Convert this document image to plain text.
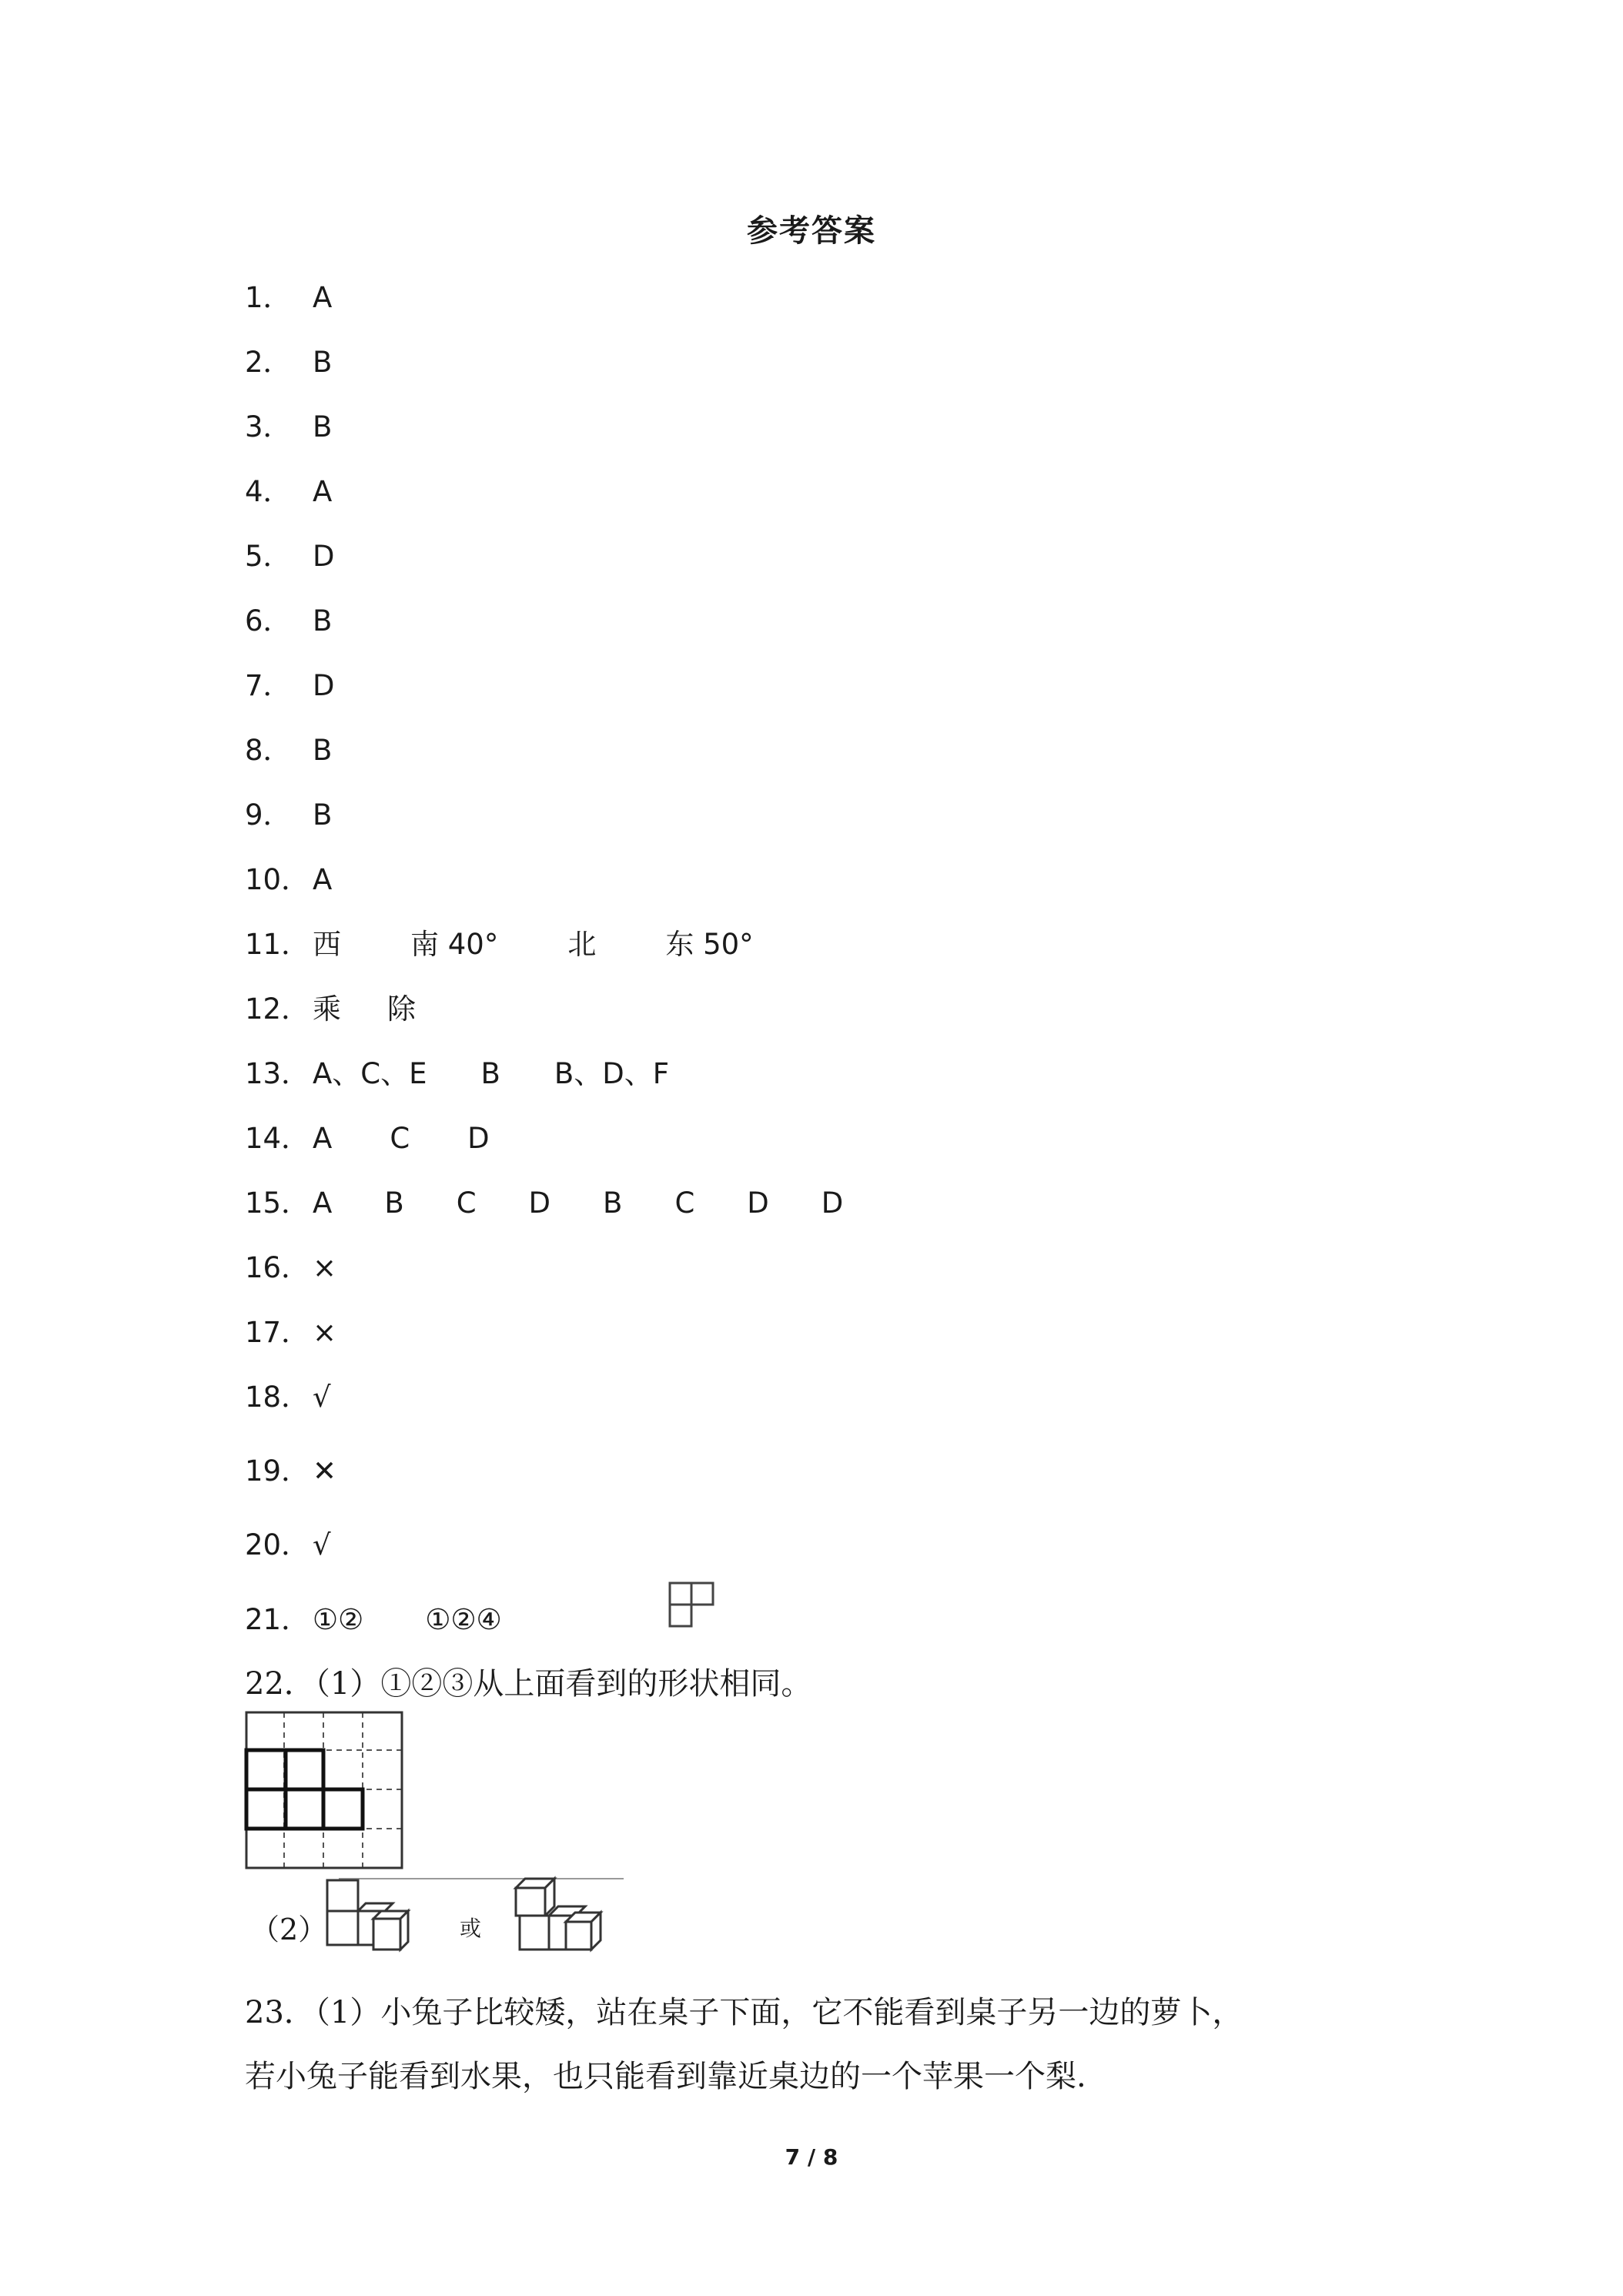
参考答案
1． A
2． B
3． B
4． A
5． D
6． B
7． D
8． B
9． B
10． A
11． 西 南 40° 北 东 50°
12． 乘 除
13． A、C、E B B、D、F
14． A C D
15． A B C D B C D D
16． ×
17． ×
18． √
19． ✕
20． √
21． ①② ①②④
22．（1）①②③从上面看到的形状相同。
（2）	或
23．（1）小兔子比较矮，站在桌子下面，它不能看到桌子另一边的萝卜，
若小兔子能看到水果，也只能看到靠近桌边的一个苹果一个梨.
7 / 8
